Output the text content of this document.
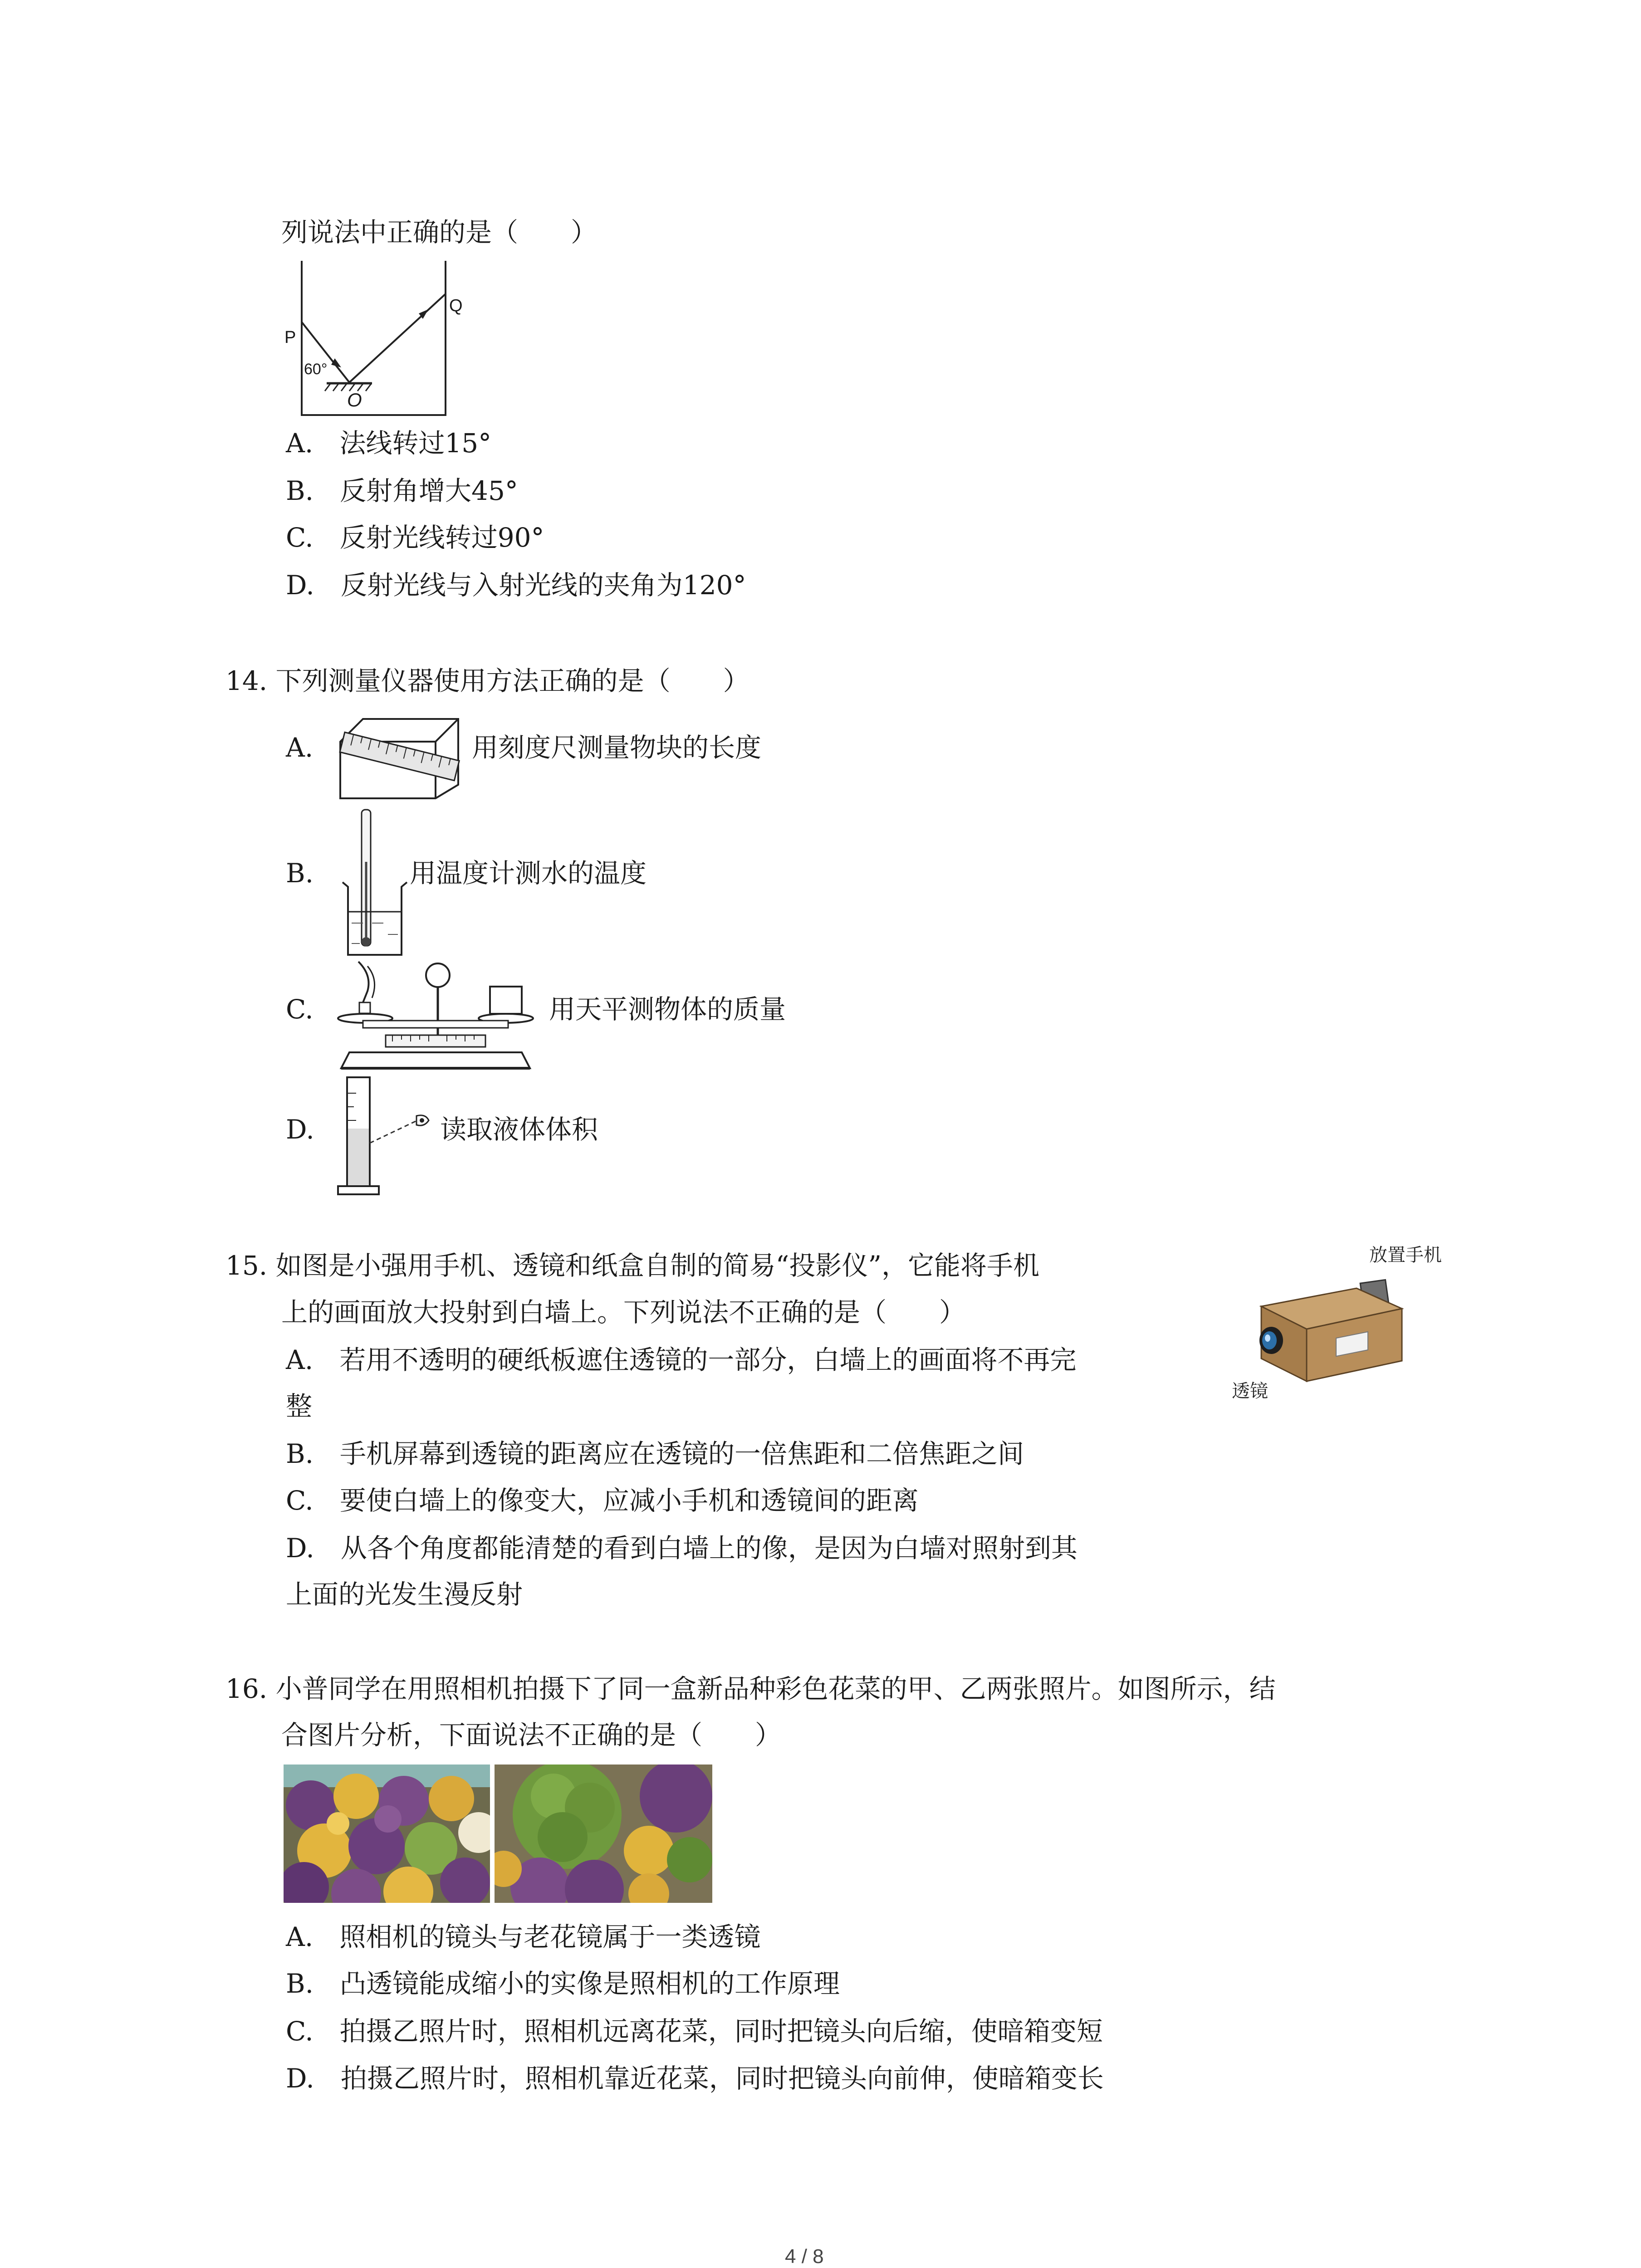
列说法中正确的是（　　）
P
Q
O
60°
A.　法线转过15°
B.　反射角增大45°
C.　反射光线转过90°
D.　反射光线与入射光线的夹角为120°
14. 下列测量仪器使用方法正确的是（　　）
A.	用刻度尺测量物块的长度
B.	用温度计测水的温度
C.	用天平测物体的质量
D.	读取液体体积
15. 如图是小强用手机、透镜和纸盒自制的简易“投影仪”，它能将手机
上的画面放大投射到白墙上。下列说法不正确的是（　　）
A.　若用不透明的硬纸板遮住透镜的一部分，白墙上的画面将不再完
整
B.　手机屏幕到透镜的距离应在透镜的一倍焦距和二倍焦距之间
C.　要使白墙上的像变大，应减小手机和透镜间的距离
D.　从各个角度都能清楚的看到白墙上的像，是因为白墙对照射到其
上面的光发生漫反射
放置手机
透镜
16. 小普同学在用照相机拍摄下了同一盒新品种彩色花菜的甲、乙两张照片。如图所示，结
合图片分析，下面说法不正确的是（　　）
A.　照相机的镜头与老花镜属于一类透镜
B.　凸透镜能成缩小的实像是照相机的工作原理
C.　拍摄乙照片时，照相机远离花菜，同时把镜头向后缩，使暗箱变短
D.　拍摄乙照片时，照相机靠近花菜，同时把镜头向前伸，使暗箱变长
4 / 8
